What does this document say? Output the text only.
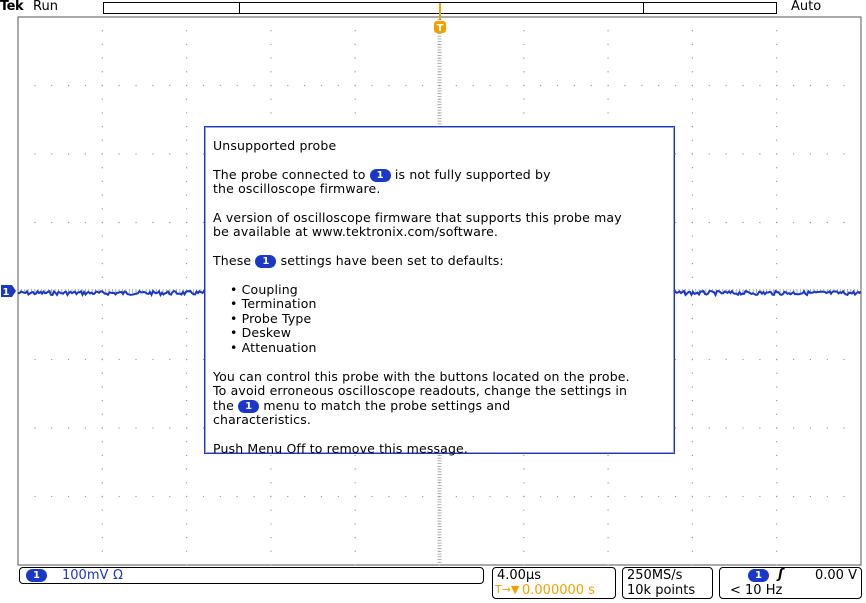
Tek Run	Auto
T
1

Unsupported probe

The probe connected to 1 is not fully supported by
the oscilloscope firmware.

A version of oscilloscope firmware that supports this probe may
be available at www.tektronix.com/software.

These 1 settings have been set to defaults:

• Coupling
• Termination
• Probe Type
• Deskew
• Attenuation

You can control this probe with the buttons located on the probe.
To avoid erroneous oscilloscope readouts, change the settings in
the 1 menu to match the probe settings and
characteristics.

Push Menu Off to remove this message.

1	100mV Ω	4.00µs
T→▼ 0.000000 s
250MS/s
10k points
1	ʃ 0.00 V
< 10 Hz
